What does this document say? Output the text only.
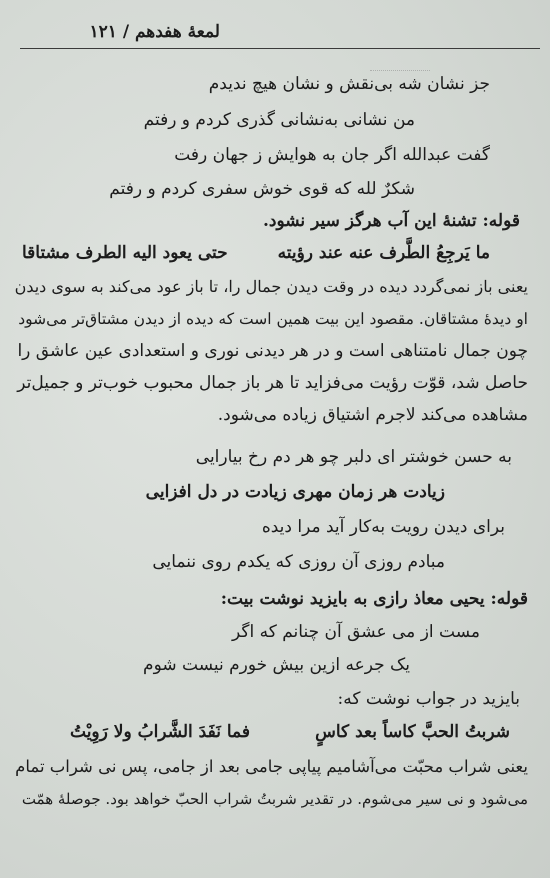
لمعهٔ هفدهم / ۱۲۱
جز نشان شه بی‌نقش و نشان هیچ ندیدم
من نشانی به‌نشانی گذری کردم و رفتم
گفت عبدالله اگر جان به هوایش ز جهان رفت
شکرٌ لله که قوی خوش سفری کردم و رفتم
قوله: تشنهٔ این آب هرگز سیر نشود.
ما یَرجِعُ الطَّرف عنه عند رؤیته
حتی یعود الیه الطرف مشتاقا
یعنی باز نمی‌گردد دیده در وقت دیدن جمال را، تا باز عود می‌کند به سوی دیدن
او دیدهٔ مشتاقان. مقصود این بیت همین است که دیده از دیدن مشتاق‌تر می‌شود
چون جمال نامتناهی است و در هر دیدنی نوری و استعدادی عین عاشق را
حاصل شد، قوّت رؤیت می‌فزاید تا هر باز جمال محبوب خوب‌تر و جمیل‌تر
مشاهده می‌کند لاجرم اشتیاق زیاده می‌شود.
به حسن خوشتر ای دلبر چو هر دم رخ بیارایی
زیادت هر زمان مهری زیادت در دل افزایی
برای دیدن رویت به‌کار آید مرا دیده
مبادم روزی آن روزی که یکدم روی ننمایی
قوله: یحیی معاذ رازی به بایزید نوشت بیت:
مست از می عشق آن چنانم که اگر
یک جرعه ازین بیش خورم نیست شوم
بایزید در جواب نوشت که:
شربتُ الحبَّ کاساً بعد کاسٍ
فما نَفَدَ الشَّرابُ ولا رَوِیْتُ
یعنی شراب محبّت می‌آشامیم پیاپی جامی بعد از جامی، پس نی شراب تمام
می‌شود و نی سیر می‌شوم. در تقدیر شربتُ شراب الحبّ خواهد بود. جوصلهٔ همّت
